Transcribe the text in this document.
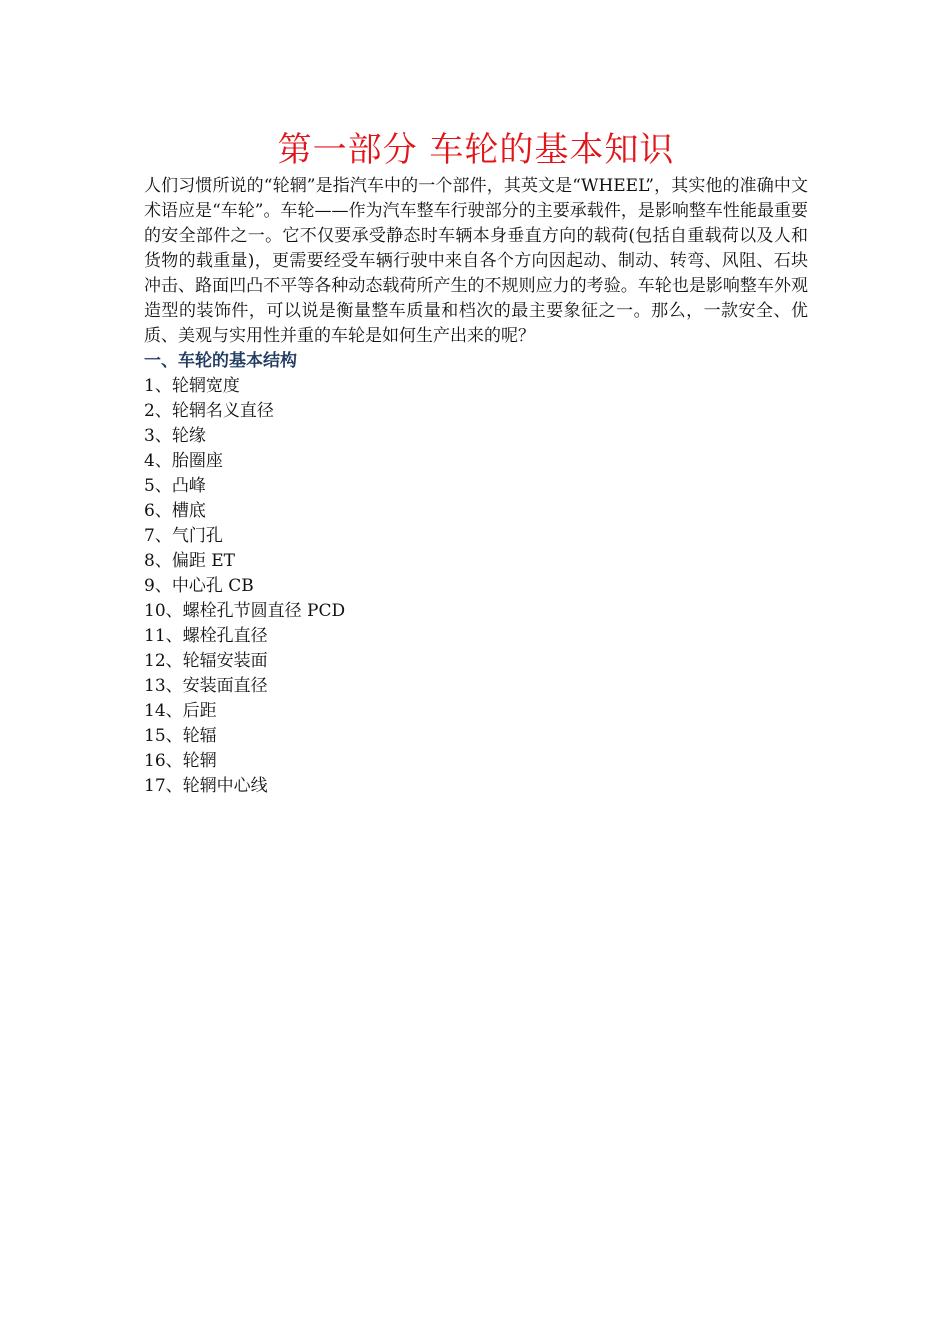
第一部分 车轮的基本知识

人们习惯所说的“轮辋”是指汽车中的一个部件，其英文是“WHEEL”，其实他的准确中文术语应是“车轮”。车轮——作为汽车整车行驶部分的主要承载件，是影响整车性能最重要的安全部件之一。它不仅要承受静态时车辆本身垂直方向的载荷(包括自重载荷以及人和货物的载重量)，更需要经受车辆行驶中来自各个方向因起动、制动、转弯、风阻、石块冲击、路面凹凸不平等各种动态载荷所产生的不规则应力的考验。车轮也是影响整车外观造型的装饰件，可以说是衡量整车质量和档次的最主要象征之一。那么，一款安全、优质、美观与实用性并重的车轮是如何生产出来的呢？

一、车轮的基本结构
1、轮辋宽度
2、轮辋名义直径
3、轮缘
4、胎圈座
5、凸峰
6、槽底
7、气门孔
8、偏距 ET
9、中心孔 CB
10、螺栓孔节圆直径 PCD
11、螺栓孔直径
12、轮辐安装面
13、安装面直径
14、后距
15、轮辐
16、轮辋
17、轮辋中心线
